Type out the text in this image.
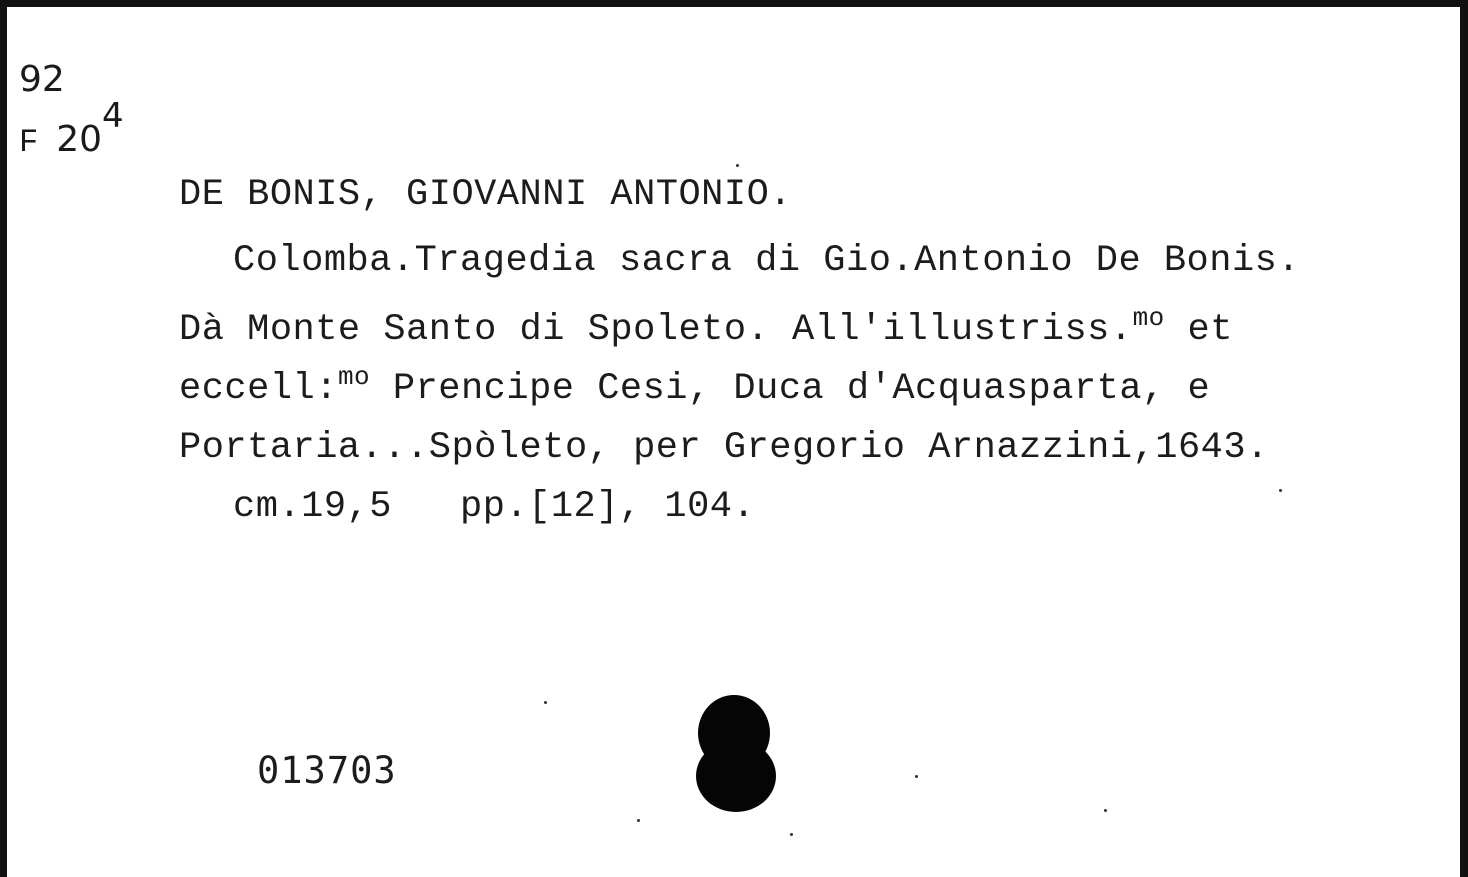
92
F $20^4$
DE BONIS, GIOVANNI ANTONIO.
Colomba.Tragedia sacra di Gio.Antonio De Bonis.
Dà Monte Santo di Spoleto. All'illustriss.$^{mo}$ et
eccell:$^{mo}$ Prencipe Cesi, Duca d'Acquasparta, e
Portaria...Spòleto, per Gregorio Arnazzini,1643.
cm.19,5   pp.[12], 104.
013703
